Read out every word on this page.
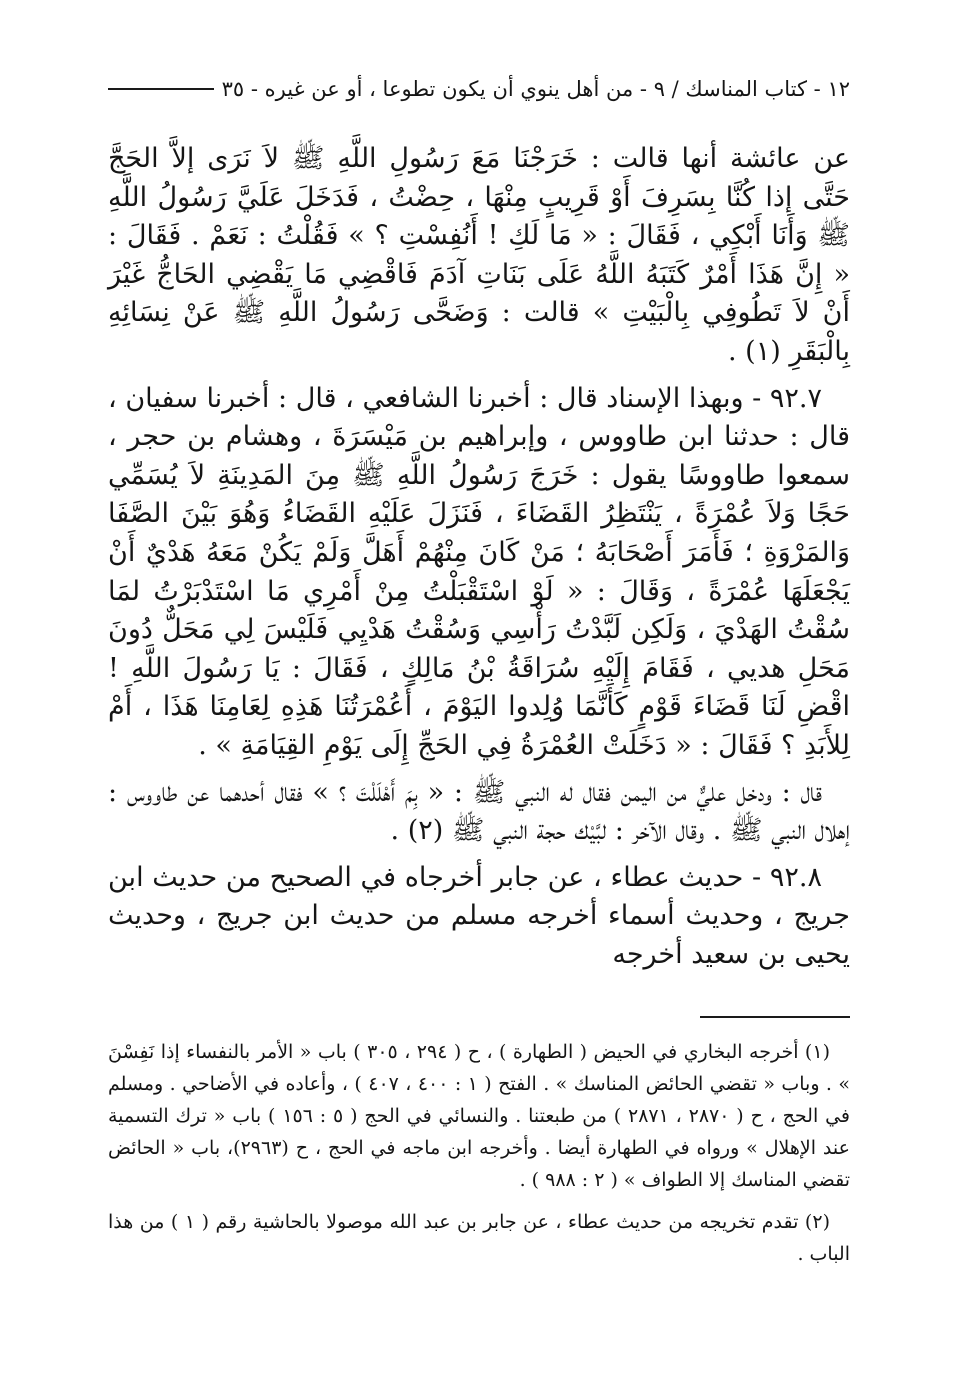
١٢ - كتاب المناسك / ٩ - من أهل ينوي أن يكون تطوعا ، أو عن غيره - ٣٥

عن عائشة أنها قالت : خَرَجْنَا مَعَ رَسُولِ اللَّهِ ﷺ لاَ نَرَى إلاَّ الحَجَّ حَتَّى إذا كُنَّا بِسَرِفَ أَوْ قَرِيبٍ مِنْهَا ، حِضْتُ ، فَدَخَلَ عَلَيَّ رَسُولُ اللَّهِ ﷺ وَأَنَا أَبْكِي ، فَقَالَ : « مَا لَكِ ! أَنُفِسْتِ ؟ » فَقُلْتُ : نَعَمْ . فَقَالَ : « إِنَّ هَذَا أَمْرٌ كَتَبَهُ اللَّهُ عَلَى بَنَاتِ آدَمَ فَاقْضِي مَا يَقْضِي الحَاجُّ غَيْرَ أَنْ لاَ تَطُوفِي بِالْبَيْتِ » قالت : وَضَحَّى رَسُولُ اللَّهِ ﷺ عَنْ نِسَائِهِ بِالْبَقَرِ (١) .

٩٢.٧ - وبهذا الإسناد قال : أخبرنا الشافعي ، قال : أخبرنا سفيان ، قال : حدثنا ابن طاووس ، وإبراهيم بن مَيْسَرَةَ ، وهشام بن حجر ، سمعوا طاووسًا يقول : خَرَجَ رَسُولُ اللَّهِ ﷺ مِنَ المَدِينَةِ لاَ يُسَمِّي حَجًا وَلاَ عُمْرَةً ، يَنْتَظِرُ القَضَاءَ ، فَنَزَلَ عَلَيْهِ القَضَاءُ وَهُوَ بَيْنَ الصَّفَا وَالمَرْوَةِ ؛ فَأَمَرَ أَصْحَابَهُ ؛ مَنْ كَانَ مِنْهُمْ أَهَلَّ وَلَمْ يَكُنْ مَعَهُ هَدْيٌ أَنْ يَجْعَلَهَا عُمْرَةً ، وَقَالَ : « لَوْ اسْتَقْبَلْتُ مِنْ أَمْرِي مَا اسْتَدْبَرْتُ لمَا سُقْتُ الهَدْيَ ، وَلَكِن لَبَّدْتُ رَأْسِي وَسُقْتُ هَدْيِي فَلَيْسَ لِي مَحَلٌّ دُونَ مَحَلِ هديي ، فَقَامَ إِلَيْهِ سُرَاقَةُ بْنُ مَالِكٍ ، فَقَالَ : يَا رَسُولَ اللَّهِ ! اقْضِ لَنَا قَضَاءَ قَوْمٍ كَأَنَّمَا وُلِدوا اليَوْمَ ، أَعُمْرَتُنَا هَذِهِ لِعَامِنَا هَذَا ، أَمْ لِلأَبَدِ ؟ فَقَالَ : « دَخَلَتْ العُمْرَةُ فِي الحَجِّ إِلَى يَوْمِ القِيَامَةِ » .

قال : ودخل عليٌّ من اليمن فقال له النبي ﷺ : « بِمَ أَهْلَلْتَ ؟ » فقال أحدهما عن طاووس : إهلال النبي ﷺ . وقال الآخر : لبَّيْك حجة النبي ﷺ (٢) .

٩٢.٨ - حديث عطاء ، عن جابر أخرجاه في الصحيح من حديث ابن جريج ، وحديث أسماء أخرجه مسلم من حديث ابن جريج ، وحديث يحيى بن سعيد أخرجه

(١) أخرجه البخاري في الحيض ( الطهارة ) ، ح ( ٢٩٤ ، ٣٠٥ ) باب « الأمر بالنفساء إذا نَفِسْنَ » . وباب « تقضي الحائض المناسك » . الفتح ( ١ : ٤٠٠ ، ٤٠٧ ) ، وأعاده في الأضاحي . ومسلم في الحج ، ح ( ٢٨٧٠ ، ٢٨٧١ ) من طبعتنا . والنسائي في الحج ( ٥ : ١٥٦ ) باب « ترك التسمية عند الإهلال » ورواه في الطهارة أيضا . وأخرجه ابن ماجه في الحج ، ح (٢٩٦٣)، باب « الحائض تقضي المناسك إلا الطواف » ( ٢ : ٩٨٨ ) .

(٢) تقدم تخريجه من حديث عطاء ، عن جابر بن عبد الله موصولا بالحاشية رقم ( ١ ) من هذا الباب .
